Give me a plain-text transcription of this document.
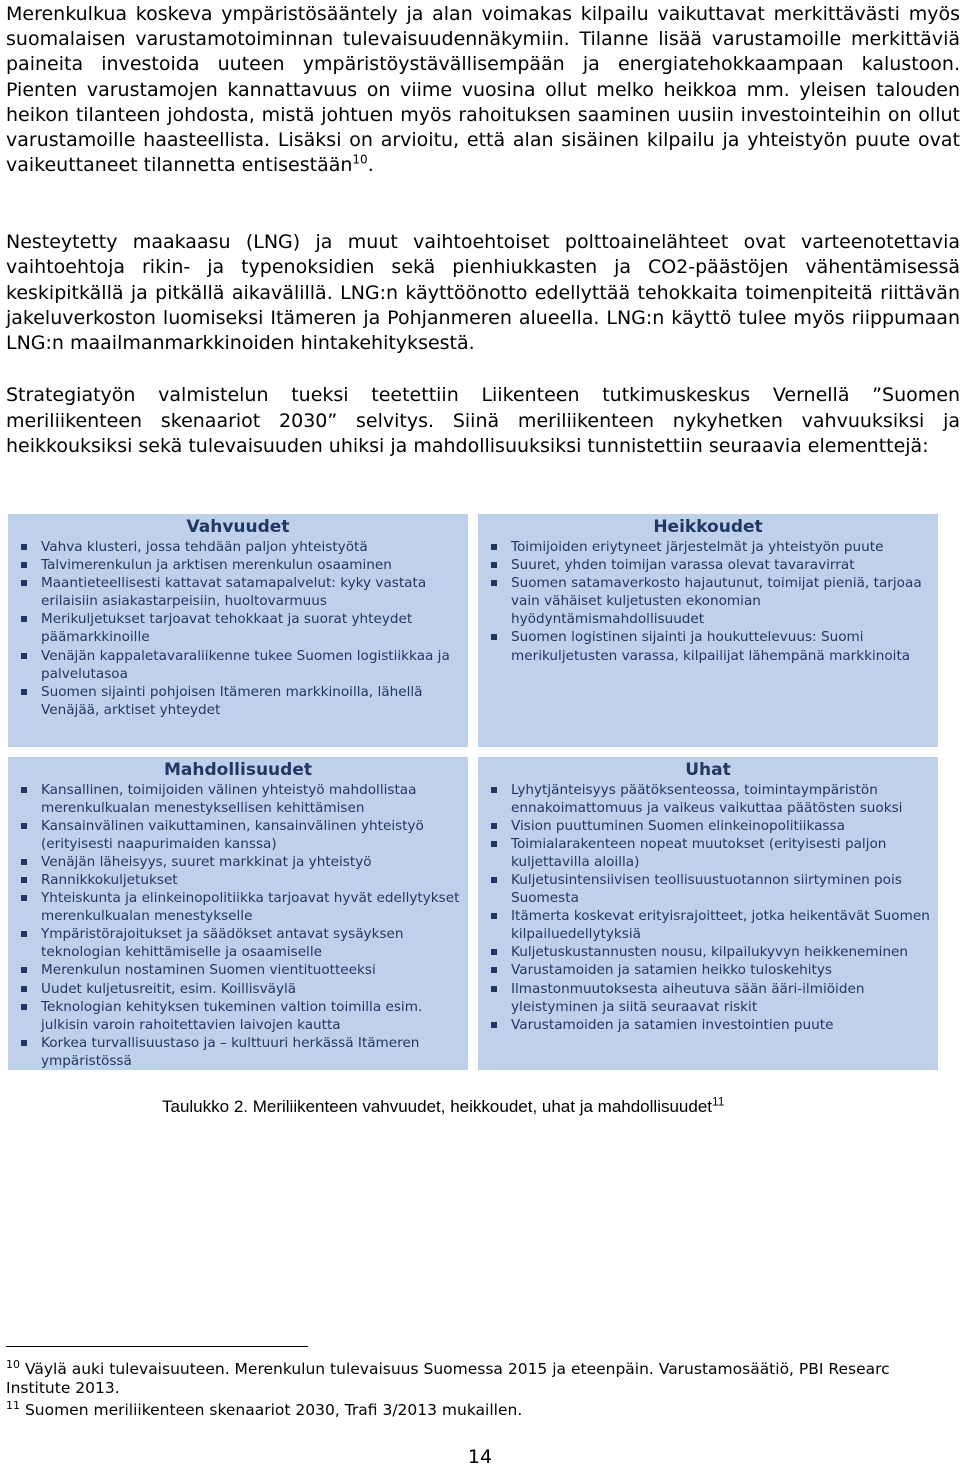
Merenkulkua koskeva ympäristösääntely ja alan voimakas kilpailu vaikuttavat merkittävästi myös suomalaisen varustamotoiminnan tulevaisuudennäkymiin. Tilanne lisää varustamoille merkittäviä paineita investoida uuteen ympäristöystävällisempään ja energiatehokkaampaan kalustoon. Pienten varustamojen kannattavuus on viime vuosina ollut melko heikkoa mm. yleisen talouden heikon tilanteen johdosta, mistä johtuen myös rahoituksen saaminen uusiin investointeihin on ollut varustamoille haasteellista. Lisäksi on arvioitu, että alan sisäinen kilpailu ja yhteistyön puute ovat vaikeuttaneet tilannetta entisestään$^{10}$.

Nesteytetty maakaasu (LNG) ja muut vaihtoehtoiset polttoainelähteet ovat varteenotettavia vaihtoehtoja rikin- ja typenoksidien sekä pienhiukkasten ja CO2-päästöjen vähentämisessä keskipitkällä ja pitkällä aikavälillä. LNG:n käyttöönotto edellyttää tehokkaita toimenpiteitä riittävän jakeluverkoston luomiseksi Itämeren ja Pohjanmeren alueella. LNG:n käyttö tulee myös riippumaan LNG:n maailmanmarkkinoiden hintakehityksestä.

Strategiatyön valmistelun tueksi teetettiin Liikenteen tutkimuskeskus Vernellä ”Suomen meriliikenteen skenaariot 2030” selvitys. Siinä meriliikenteen nykyhetken vahvuuksiksi ja heikkouksiksi sekä tulevaisuuden uhiksi ja mahdollisuuksiksi tunnistettiin seuraavia elementtejä:

Vahvuudet
Vahva klusteri, jossa tehdään paljon yhteistyötä
Talvimerenkulun ja arktisen merenkulun osaaminen
Maantieteellisesti kattavat satamapalvelut: kyky vastata erilaisiin asiakastarpeisiin, huoltovarmuus
Merikuljetukset tarjoavat tehokkaat ja suorat yhteydet päämarkkinoille
Venäjän kappaletavaraliikenne tukee Suomen logistiikkaa ja palvelutasoa
Suomen sijainti pohjoisen Itämeren markkinoilla, lähellä Venäjää, arktiset yhteydet
Heikkoudet
Toimijoiden eriytyneet järjestelmät ja yhteistyön puute
Suuret, yhden toimijan varassa olevat tavaravirrat
Suomen satamaverkosto hajautunut, toimijat pieniä, tarjoaa vain vähäiset kuljetusten ekonomian hyödyntämismahdollisuudet
Suomen logistinen sijainti ja houkuttelevuus: Suomi merikuljetusten varassa, kilpailijat lähempänä markkinoita
Mahdollisuudet
Kansallinen, toimijoiden välinen yhteistyö mahdollistaa merenkulkualan menestyksellisen kehittämisen
Kansainvälinen vaikuttaminen, kansainvälinen yhteistyö (erityisesti naapurimaiden kanssa)
Venäjän läheisyys, suuret markkinat ja yhteistyö
Rannikkokuljetukset
Yhteiskunta ja elinkeinopolitiikka tarjoavat hyvät edellytykset merenkulkualan menestykselle
Ympäristörajoitukset ja säädökset antavat sysäyksen teknologian kehittämiselle ja osaamiselle
Merenkulun nostaminen Suomen vientituotteeksi
Uudet kuljetusreitit, esim. Koillisväylä
Teknologian kehityksen tukeminen valtion toimilla esim. julkisin varoin rahoitettavien laivojen kautta
Korkea turvallisuustaso ja – kulttuuri herkässä Itämeren ympäristössä
Uhat
Lyhytjänteisyys päätöksenteossa, toimintaympäristön ennakoimattomuus ja vaikeus vaikuttaa päätösten suoksi
Vision puuttuminen Suomen elinkeinopolitiikassa
Toimialarakenteen nopeat muutokset (erityisesti paljon kuljettavilla aloilla)
Kuljetusintensiivisen teollisuustuotannon siirtyminen pois Suomesta
Itämerta koskevat erityisrajoitteet, jotka heikentävät Suomen kilpailuedellytyksiä
Kuljetuskustannusten nousu, kilpailukyvyn heikkeneminen
Varustamoiden ja satamien heikko tuloskehitys
Ilmastonmuutoksesta aiheutuva sään ääri-ilmiöiden yleistyminen ja siitä seuraavat riskit
Varustamoiden ja satamien investointien puute

Taulukko 2. Meriliikenteen vahvuudet, heikkoudet, uhat ja mahdollisuudet$^{11}$

$^{10}$ Väylä auki tulevaisuuteen. Merenkulun tulevaisuus Suomessa 2015 ja eteenpäin. Varustamosäätiö, PBI Researc Institute 2013.

$^{11}$ Suomen meriliikenteen skenaariot 2030, Trafi 3/2013 mukaillen.

14
